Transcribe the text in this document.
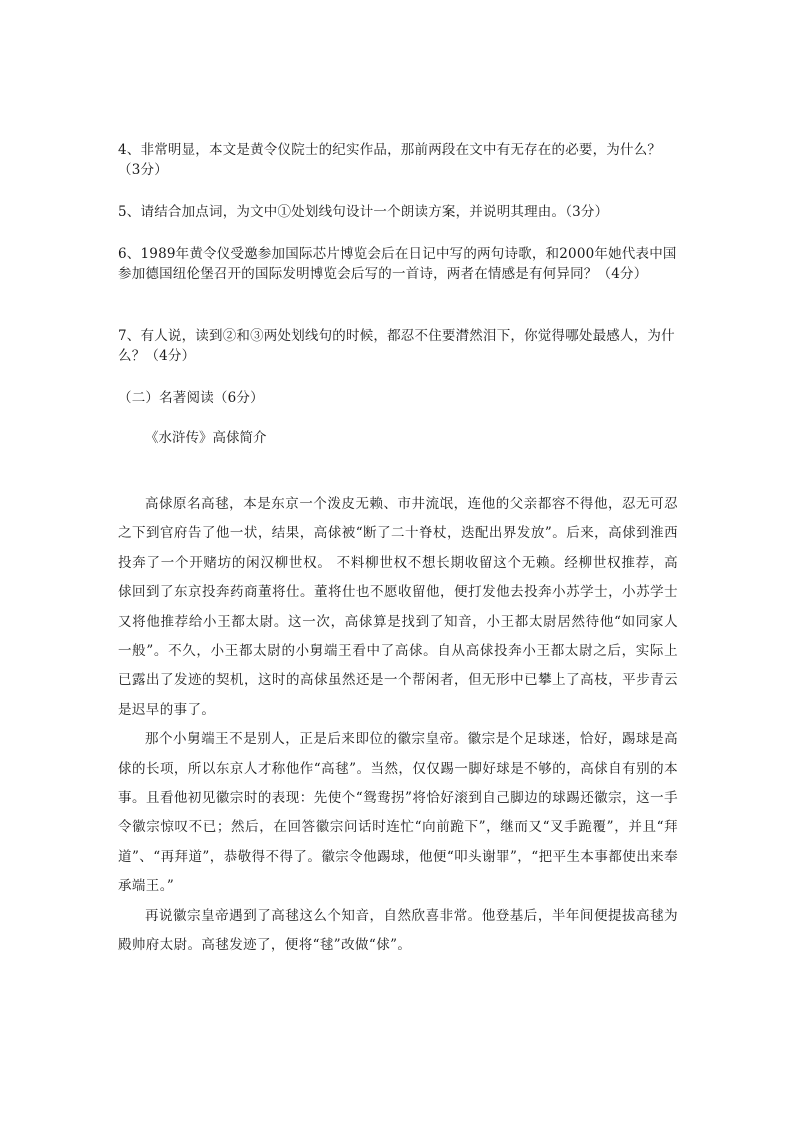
4、非常明显，本文是黄令仪院士的纪实作品，那前两段在文中有无存在的必要，为什么？（3分）

5、请结合加点词，为文中①处划线句设计一个朗读方案，并说明其理由。（3分）

6、1989年黄令仪受邀参加国际芯片博览会后在日记中写的两句诗歌，和2000年她代表中国参加德国纽伦堡召开的国际发明博览会后写的一首诗，两者在情感是有何异同？（4分）

7、有人说，读到②和③两处划线句的时候，都忍不住要潸然泪下，你觉得哪处最感人，为什么？（4分）

（二）名著阅读（6分）

《水浒传》高俅简介

高俅原名高毬，本是东京一个泼皮无赖、市井流氓，连他的父亲都容不得他，忍无可忍之下到官府告了他一状，结果，高俅被“断了二十脊杖，迭配出界发放”。后来，高俅到淮西投奔了一个开赌坊的闲汉柳世权。 不料柳世权不想长期收留这个无赖。经柳世权推荐，高俅回到了东京投奔药商董将仕。董将仕也不愿收留他，便打发他去投奔小苏学士，小苏学士又将他推荐给小王都太尉。这一次，高俅算是找到了知音，小王都太尉居然待他“如同家人一般”。不久，小王都太尉的小舅端王看中了高俅。自从高俅投奔小王都太尉之后，实际上已露出了发迹的契机，这时的高俅虽然还是一个帮闲者，但无形中已攀上了高枝，平步青云是迟早的事了。

那个小舅端王不是别人，正是后来即位的徽宗皇帝。徽宗是个足球迷，恰好，踢球是高俅的长项，所以东京人才称他作“高毬”。当然，仅仅踢一脚好球是不够的，高俅自有别的本事。且看他初见徽宗时的表现：先使个“鸳鸯拐”将恰好滚到自己脚边的球踢还徽宗，这一手令徽宗惊叹不已；然后，在回答徽宗问话时连忙“向前跪下”，继而又“叉手跪覆”，并且“拜道”、“再拜道”，恭敬得不得了。徽宗令他踢球，他便“叩头谢罪”，“把平生本事都使出来奉承端王。”

再说徽宗皇帝遇到了高毬这么个知音，自然欣喜非常。他登基后，半年间便提拔高毬为殿帅府太尉。高毬发迹了，便将“毬”改做“俅”。
